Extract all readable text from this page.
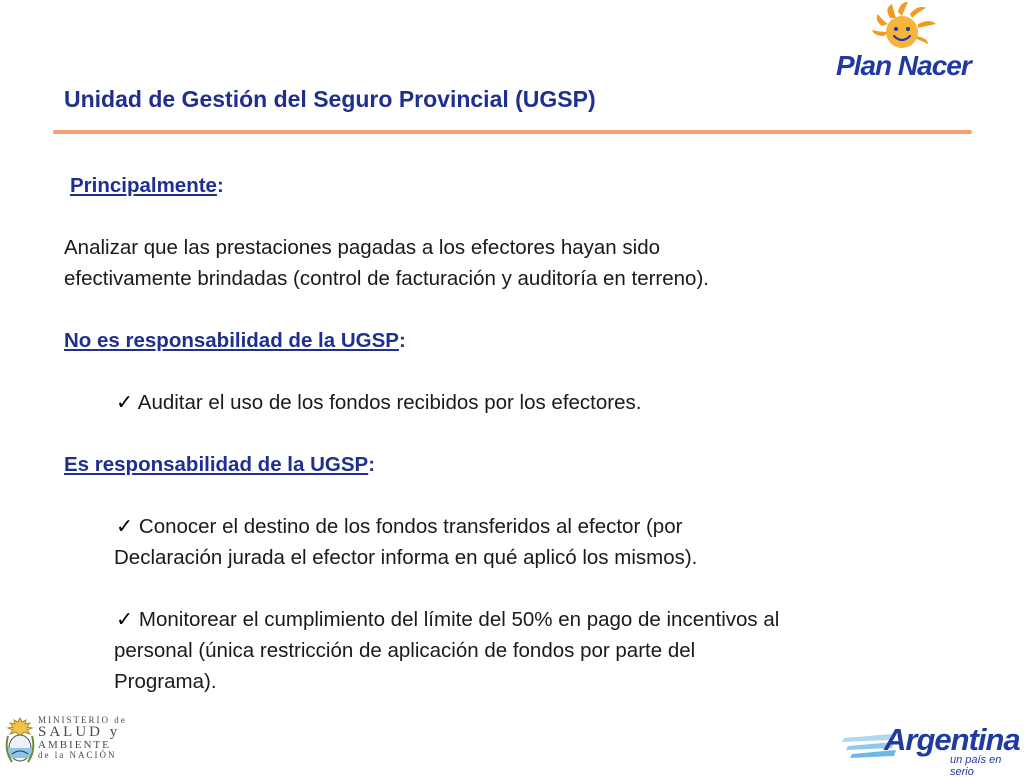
Unidad de Gestión del Seguro Provincial (UGSP)
Plan Nacer

Principalmente:

Analizar que las prestaciones pagadas a los efectores hayan sido

efectivamente brindadas (control de facturación y auditoría en terreno).

No es responsabilidad de la UGSP:

✓ Auditar el uso de los fondos recibidos por los efectores.

Es responsabilidad de la UGSP:

✓ Conocer el destino de los fondos transferidos al efector (por

Declaración jurada el efector informa en qué aplicó los mismos).

✓ Monitorear el cumplimiento del límite del 50% en pago de incentivos al

personal (única restricción de aplicación de fondos por parte del

Programa).

MINISTERIO de
SALUD y
AMBIENTE
de la NACIÓN	Argentina
un país en serio
